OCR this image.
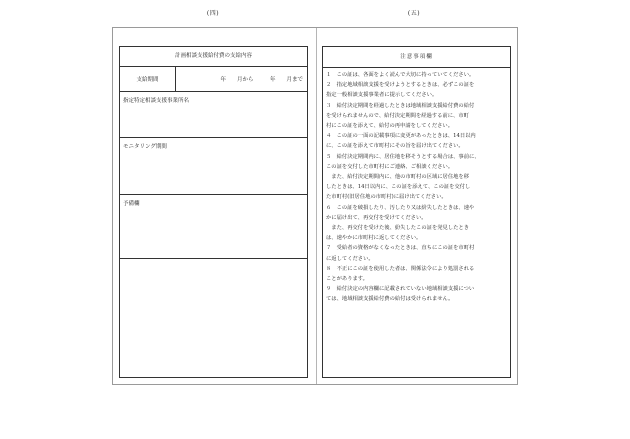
(四)
計画相談支援給付費の支給内容
支給期間	年　　月から　　　年　　月まで
指定特定相談支援事業所名
モニタリング期間
予備欄
(五)
注意事項欄
１　この証は、各面をよく読んで大切に持っていてください。
２　指定地域相談支援を受けようとするときは、必ずこの証を
指定一般相談支援事業者に提示してください。
３　給付決定期間を経過したときは地域相談支援給付費の給付
を受けられませんので、給付決定期間を経過する前に、市町
村にこの証を添えて、給付の再申請をしてください。
４　この証の一面の記載事項に変更があったときは、14日以内
に、この証を添えて市町村にその旨を届け出てください。
５　給付決定期間内に、居住地を移そうとする場合は、事前に、
この証を交付した市町村にご連絡、ご相談ください。
　また、給付決定期間内に、他の市町村の区域に居住地を移
したときは、14日以内に、この証を添えて、この証を交付し
た市町村(旧居住地の市町村)に届け出てください。
６　この証を破損したり、汚したり又は紛失したときは、速や
かに届け出て、再交付を受けてください。
　また、再交付を受けた後、紛失したこの証を発見したとき
は、速やかに市町村に返してください。
７　受給者の資格がなくなったときは、直ちにこの証を市町村
に返してください。
８　不正にこの証を使用した者は、関係法令により処罰される
ことがあります。
９　給付決定の内容欄に記載されていない地域相談支援につい
ては、地域相談支援給付費の給付は受けられません。
